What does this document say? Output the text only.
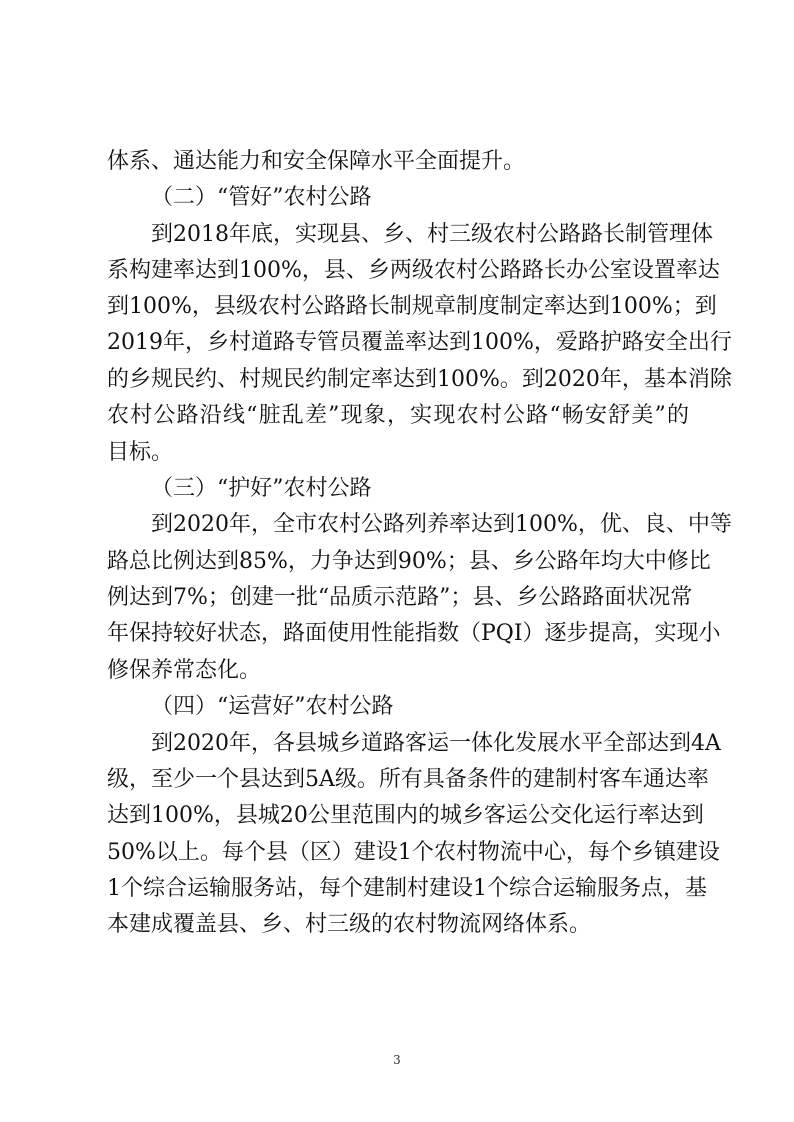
体系、通达能力和安全保障水平全面提升。
（二）“管好”农村公路
到2018年底，实现县、乡、村三级农村公路路长制管理体
系构建率达到100%，县、乡两级农村公路路长办公室设置率达
到100%，县级农村公路路长制规章制度制定率达到100%；到
2019年，乡村道路专管员覆盖率达到100%，爱路护路安全出行
的乡规民约、村规民约制定率达到100%。到2020年，基本消除
农村公路沿线“脏乱差”现象，实现农村公路“畅安舒美”的
目标。
（三）“护好”农村公路
到2020年，全市农村公路列养率达到100%，优、良、中等
路总比例达到85%，力争达到90%；县、乡公路年均大中修比
例达到7%；创建一批“品质示范路”；县、乡公路路面状况常
年保持较好状态，路面使用性能指数（PQI）逐步提高，实现小
修保养常态化。
（四）“运营好”农村公路
到2020年，各县城乡道路客运一体化发展水平全部达到4A
级，至少一个县达到5A级。所有具备条件的建制村客车通达率
达到100%，县城20公里范围内的城乡客运公交化运行率达到
50%以上。每个县（区）建设1个农村物流中心，每个乡镇建设
1个综合运输服务站，每个建制村建设1个综合运输服务点，基
本建成覆盖县、乡、村三级的农村物流网络体系。
3
